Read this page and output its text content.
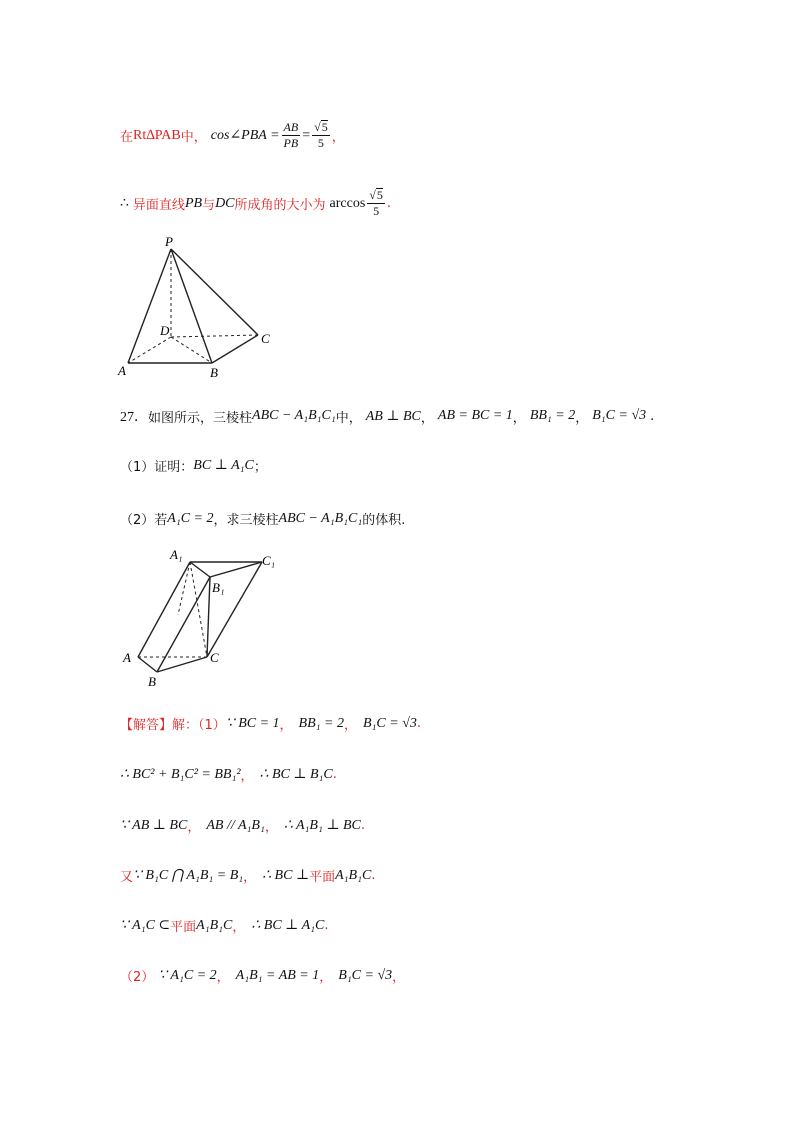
在 Rt∆PAB 中， cos∠PBA = $\frac{AB}{PB} = \frac{√ 5}{5}$ ，
∴ 异面直线 PB 与 DC 所成角的大小为 $\arccos \frac{√ 5}{5}$ .
P
D
C
A	B
27． 如图所示，三棱柱 ABC − A₁B₁C₁ 中， AB ⊥ BC ， AB = BC = 1 ， BB₁ = 2 ， B₁C = √3 .
（1）证明： BC ⊥ A₁C ；
（2）若 A₁C = 2 ，求三棱柱 ABC − A₁B₁C₁ 的体积.
A₁	C₁
B₁
A	C
B
【解答】解：（1） ∵ BC = 1 ， BB₁ = 2 ， B₁C = √3 .
∴ BC² + B₁C² = BB₁² ， ∴ BC ⊥ B₁C .
∵ AB ⊥ BC ， AB // A₁B₁ ， ∴ A₁B₁ ⊥ BC .
又 ∵ B₁C ⋂ A₁B₁ = B₁ ， ∴ BC ⊥ 平面 A₁B₁C .
∵ A₁C ⊂ 平面 A₁B₁C ， ∴ BC ⊥ A₁C .
（2） ∵ A₁C = 2 ， A₁B₁ = AB = 1 ， B₁C = √3 ，
